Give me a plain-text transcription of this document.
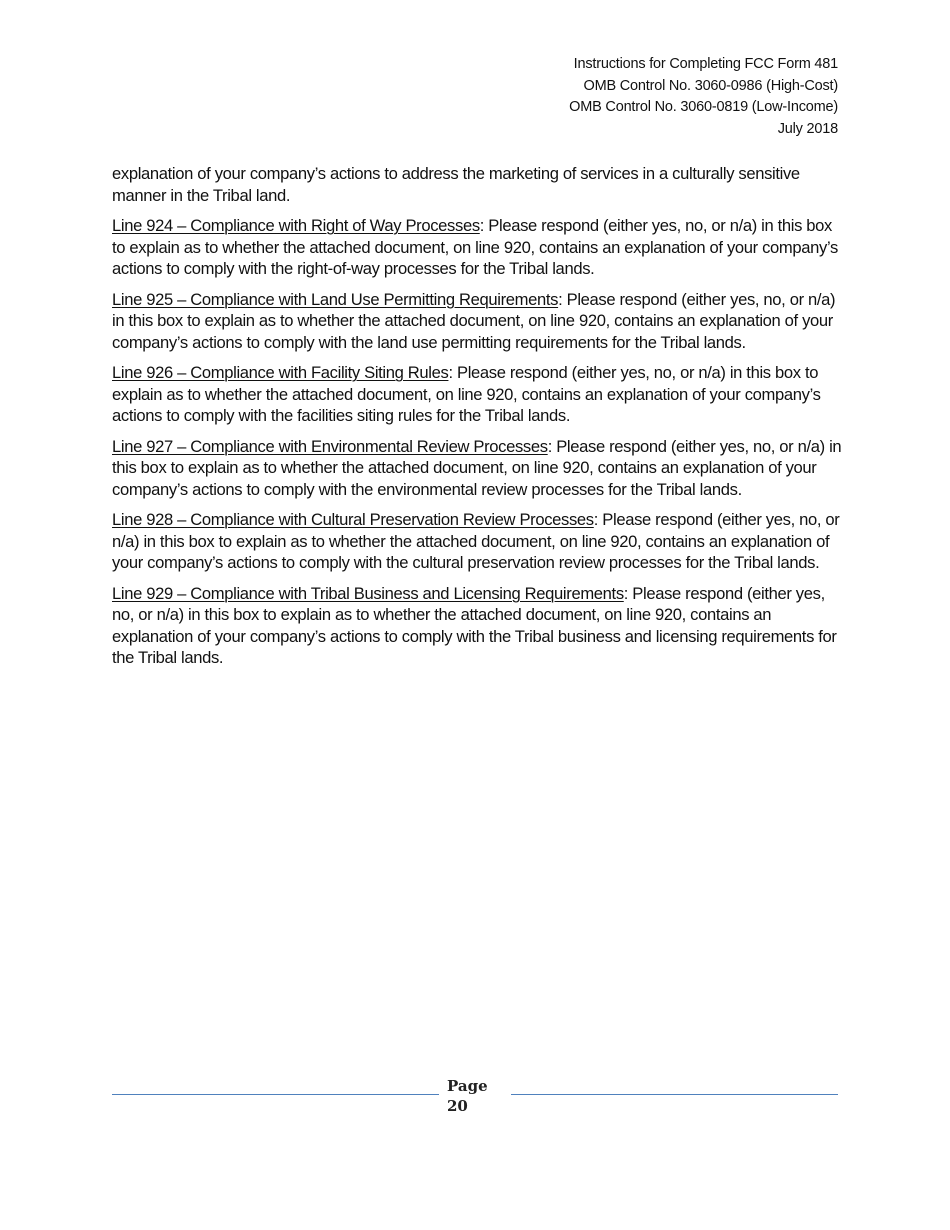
Instructions for Completing FCC Form 481
OMB Control No. 3060-0986 (High-Cost)
OMB Control No. 3060-0819 (Low-Income)
July 2018

explanation of your company’s actions to address the marketing of services in a culturally sensitive manner in the Tribal land.

Line 924 – Compliance with Right of Way Processes: Please respond (either yes, no, or n/a) in this box to explain as to whether the attached document, on line 920, contains an explanation of your company’s actions to comply with the right-of-way processes for the Tribal lands.

Line 925 – Compliance with Land Use Permitting Requirements: Please respond (either yes, no, or n/a) in this box to explain as to whether the attached document, on line 920, contains an explanation of your company’s actions to comply with the land use permitting requirements for the Tribal lands.

Line 926 – Compliance with Facility Siting Rules: Please respond (either yes, no, or n/a) in this box to explain as to whether the attached document, on line 920, contains an explanation of your company’s actions to comply with the facilities siting rules for the Tribal lands.

Line 927 – Compliance with Environmental Review Processes: Please respond (either yes, no, or n/a) in this box to explain as to whether the attached document, on line 920, contains an explanation of your company’s actions to comply with the environmental review processes for the Tribal lands.

Line 928 – Compliance with Cultural Preservation Review Processes: Please respond (either yes, no, or n/a) in this box to explain as to whether the attached document, on line 920, contains an explanation of your company’s actions to comply with the cultural preservation review processes for the Tribal lands.

Line 929 – Compliance with Tribal Business and Licensing Requirements: Please respond (either yes, no, or n/a) in this box to explain as to whether the attached document, on line 920, contains an explanation of your company’s actions to comply with the Tribal business and licensing requirements for the Tribal lands.

Page
20
